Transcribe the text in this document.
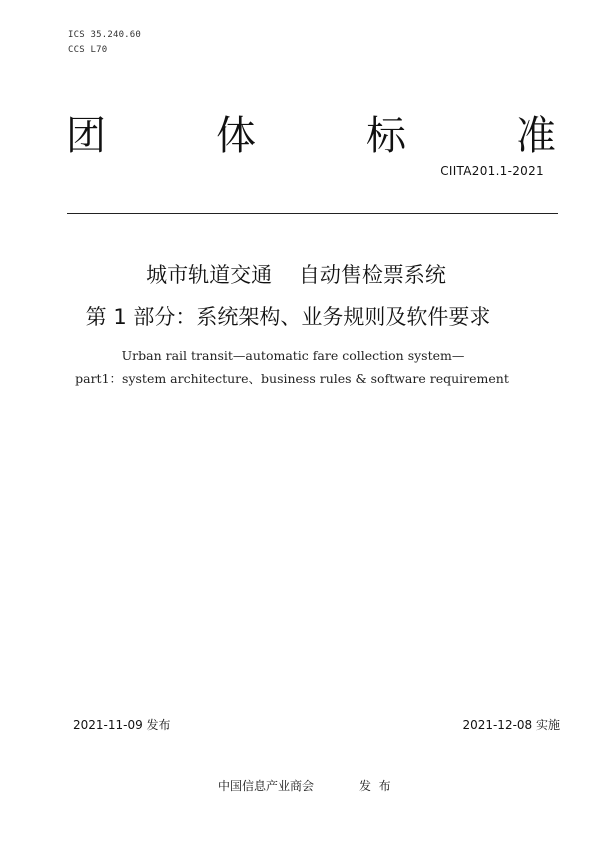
ICS 35.240.60
CCS L70
团	体	标	准
CIITA201.1-2021
城市轨道交通    自动售检票系统
第 1 部分：系统架构、业务规则及软件要求
Urban rail transit—automatic fare collection system—
part1：system architecture、business rules & software requirement
2021-11-09 发布	2021-12-08 实施
中国信息产业商会	发  布
